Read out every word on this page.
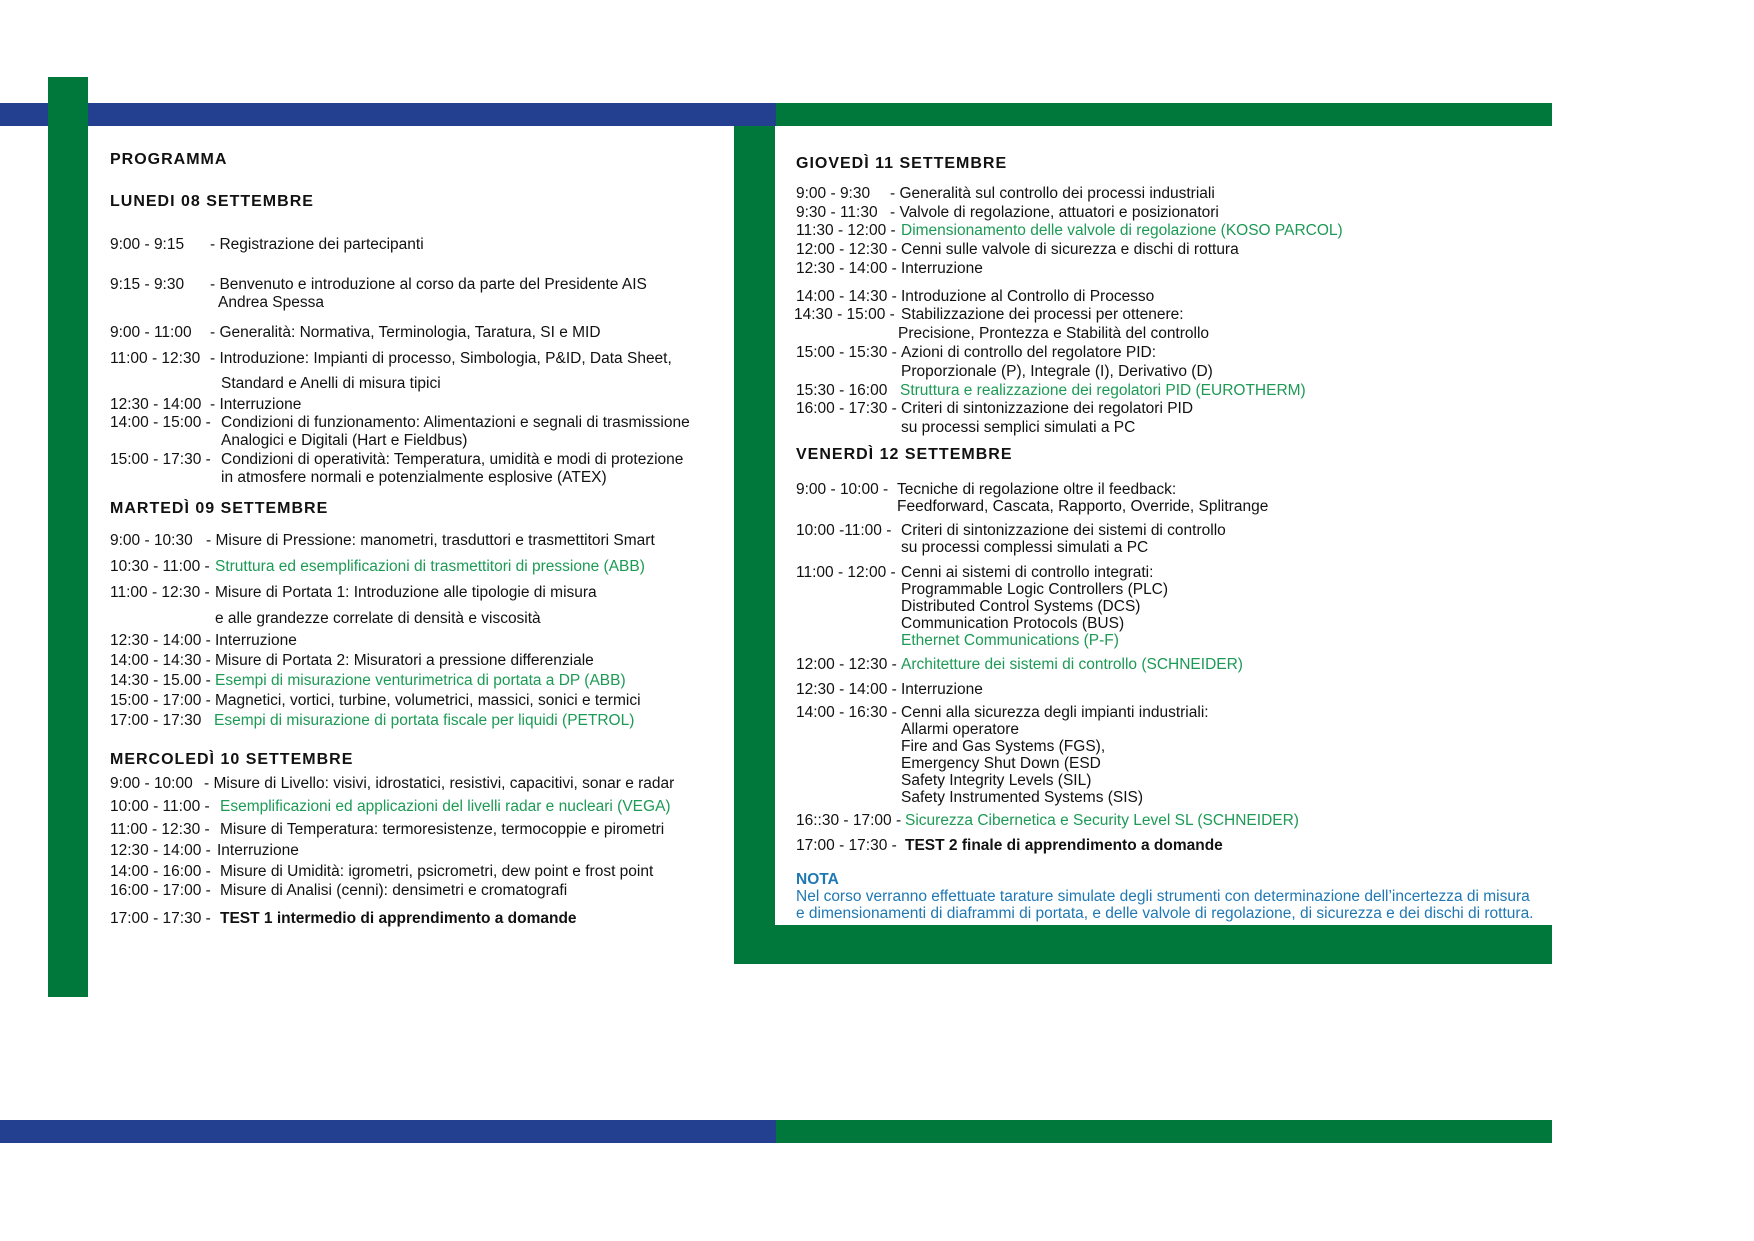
PROGRAMMA
LUNEDI 08 SETTEMBRE
9:00 - 9:15 - Registrazione dei partecipanti
9:15 - 9:30 - Benvenuto e introduzione al corso da parte del Presidente AIS
Andrea Spessa
9:00 - 11:00 - Generalità: Normativa, Terminologia, Taratura, SI e MID
11:00 - 12:30 - Introduzione: Impianti di processo, Simbologia, P&ID, Data Sheet,
Standard e Anelli di misura tipici
12:30 - 14:00 - Interruzione
14:00 - 15:00 - Condizioni di funzionamento: Alimentazioni e segnali di trasmissione
Analogici e Digitali (Hart e Fieldbus)
15:00 - 17:30 - Condizioni di operatività: Temperatura, umidità e modi di protezione
in atmosfere normali e potenzialmente esplosive (ATEX)
MARTEDÌ 09 SETTEMBRE
9:00 - 10:30 - Misure di Pressione: manometri, trasduttori e trasmettitori Smart
10:30 - 11:00 - Struttura ed esemplificazioni di trasmettitori di pressione (ABB)
11:00 - 12:30 - Misure di Portata 1: Introduzione alle tipologie di misura
e alle grandezze correlate di densità e viscosità
12:30 - 14:00 - Interruzione
14:00 - 14:30 - Misure di Portata 2: Misuratori a pressione differenziale
14:30 - 15.00 - Esempi di misurazione venturimetrica di portata a DP (ABB)
15:00 - 17:00 - Magnetici, vortici, turbine, volumetrici, massici, sonici e termici
17:00 - 17:30 Esempi di misurazione di portata fiscale per liquidi (PETROL)
MERCOLEDÌ 10 SETTEMBRE
9:00 - 10:00 - Misure di Livello: visivi, idrostatici, resistivi, capacitivi, sonar e radar
10:00 - 11:00 - Esemplificazioni ed applicazioni del livelli radar e nucleari (VEGA)
11:00 - 12:30 - Misure di Temperatura: termoresistenze, termocoppie e pirometri
12:30 - 14:00 - Interruzione
14:00 - 16:00 - Misure di Umidità: igrometri, psicrometri, dew point e frost point
16:00 - 17:00 - Misure di Analisi (cenni): densimetri e cromatografi
17:00 - 17:30 - TEST 1 intermedio di apprendimento a domande
GIOVEDÌ 11 SETTEMBRE
9:00 - 9:30 - Generalità sul controllo dei processi industriali
9:30 - 11:30 - Valvole di regolazione, attuatori e posizionatori
11:30 - 12:00 - Dimensionamento delle valvole di regolazione (KOSO PARCOL)
12:00 - 12:30 - Cenni sulle valvole di sicurezza e dischi di rottura
12:30 - 14:00 - Interruzione
14:00 - 14:30 - Introduzione al Controllo di Processo
14:30 - 15:00 - Stabilizzazione dei processi per ottenere:
Precisione, Prontezza e Stabilità del controllo
15:00 - 15:30 - Azioni di controllo del regolatore PID:
Proporzionale (P), Integrale (I), Derivativo (D)
15:30 - 16:00 Struttura e realizzazione dei regolatori PID (EUROTHERM)
16:00 - 17:30 - Criteri di sintonizzazione dei regolatori PID
su processi semplici simulati a PC
VENERDÌ 12 SETTEMBRE
9:00 - 10:00 - Tecniche di regolazione oltre il feedback:
Feedforward, Cascata, Rapporto, Override, Splitrange
10:00 -11:00 - Criteri di sintonizzazione dei sistemi di controllo
su processi complessi simulati a PC
11:00 - 12:00 - Cenni ai sistemi di controllo integrati:
Programmable Logic Controllers (PLC)
Distributed Control Systems (DCS)
Communication Protocols (BUS)
Ethernet Communications (P-F)
12:00 - 12:30 - Architetture dei sistemi di controllo (SCHNEIDER)
12:30 - 14:00 - Interruzione
14:00 - 16:30 - Cenni alla sicurezza degli impianti industriali:
Allarmi operatore
Fire and Gas Systems (FGS),
Emergency Shut Down (ESD
Safety Integrity Levels (SIL)
Safety Instrumented Systems (SIS)
16::30 - 17:00 - Sicurezza Cibernetica e Security Level SL (SCHNEIDER)
17:00 - 17:30 - TEST 2 finale di apprendimento a domande
NOTA
Nel corso verranno effettuate tarature simulate degli strumenti con determinazione dell’incertezza di misura
e dimensionamenti di diaframmi di portata, e delle valvole di regolazione, di sicurezza e dei dischi di rottura.
